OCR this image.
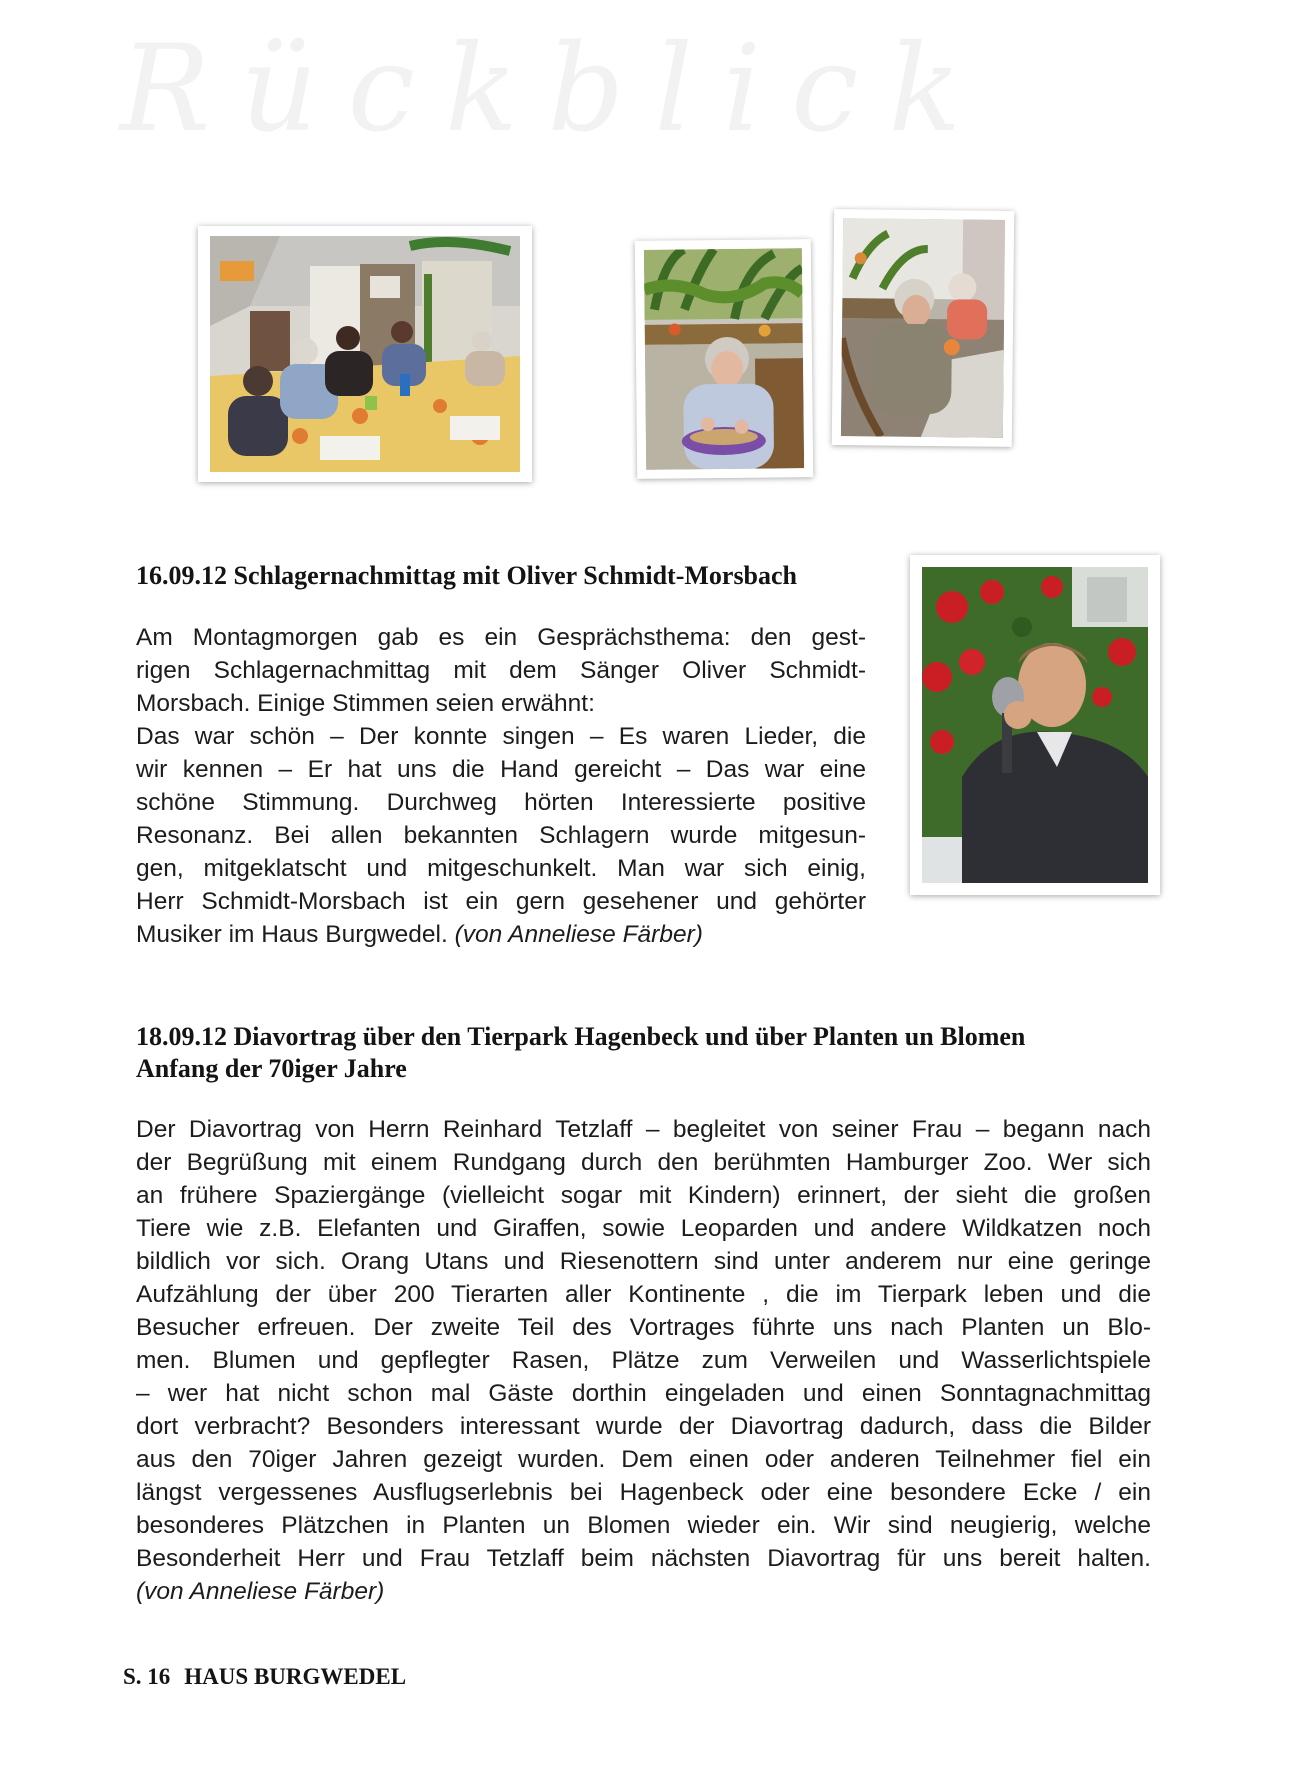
Rückblick
16.09.12 Schlagernachmittag mit Oliver Schmidt-Morsbach

Am Montagmorgen gab es ein Gesprächsthema: den gest-
rigen Schlagernachmittag mit dem Sänger Oliver Schmidt-
Morsbach. Einige Stimmen seien erwähnt:
Das war schön – Der konnte singen – Es waren Lieder, die
wir kennen – Er hat uns die Hand gereicht – Das war eine
schöne Stimmung. Durchweg hörten Interessierte positive
Resonanz. Bei allen bekannten Schlagern wurde mitgesun-
gen, mitgeklatscht und mitgeschunkelt. Man war sich einig,
Herr Schmidt-Morsbach ist ein gern gesehener und gehörter
Musiker im Haus Burgwedel. (von Anneliese Färber)

18.09.12 Diavortrag über den Tierpark Hagenbeck und über Planten un Blomen
Anfang der 70iger Jahre

Der Diavortrag von Herrn Reinhard Tetzlaff – begleitet von seiner Frau – begann nach
der Begrüßung mit einem Rundgang durch den berühmten Hamburger Zoo. Wer sich
an frühere Spaziergänge (vielleicht sogar mit Kindern) erinnert, der sieht die großen
Tiere wie z.B. Elefanten und Giraffen, sowie Leoparden und andere Wildkatzen noch
bildlich vor sich. Orang Utans und Riesenottern sind unter anderem nur eine geringe
Aufzählung der über 200 Tierarten aller Kontinente , die im Tierpark leben und die
Besucher erfreuen. Der zweite Teil des Vortrages führte uns nach Planten un Blo-
men. Blumen und gepflegter Rasen, Plätze zum Verweilen und Wasserlichtspiele
– wer hat nicht schon mal Gäste dorthin eingeladen und einen Sonntagnachmittag
dort verbracht? Besonders interessant wurde der Diavortrag dadurch, dass die Bilder
aus den 70iger Jahren gezeigt wurden. Dem einen oder anderen Teilnehmer fiel ein
längst vergessenes Ausflugserlebnis bei Hagenbeck oder eine besondere Ecke / ein
besonderes Plätzchen in Planten un Blomen wieder ein. Wir sind neugierig, welche
Besonderheit Herr und Frau Tetzlaff beim nächsten Diavortrag für uns bereit halten.
(von Anneliese Färber)

S. 16 HAUS BURGWEDEL
